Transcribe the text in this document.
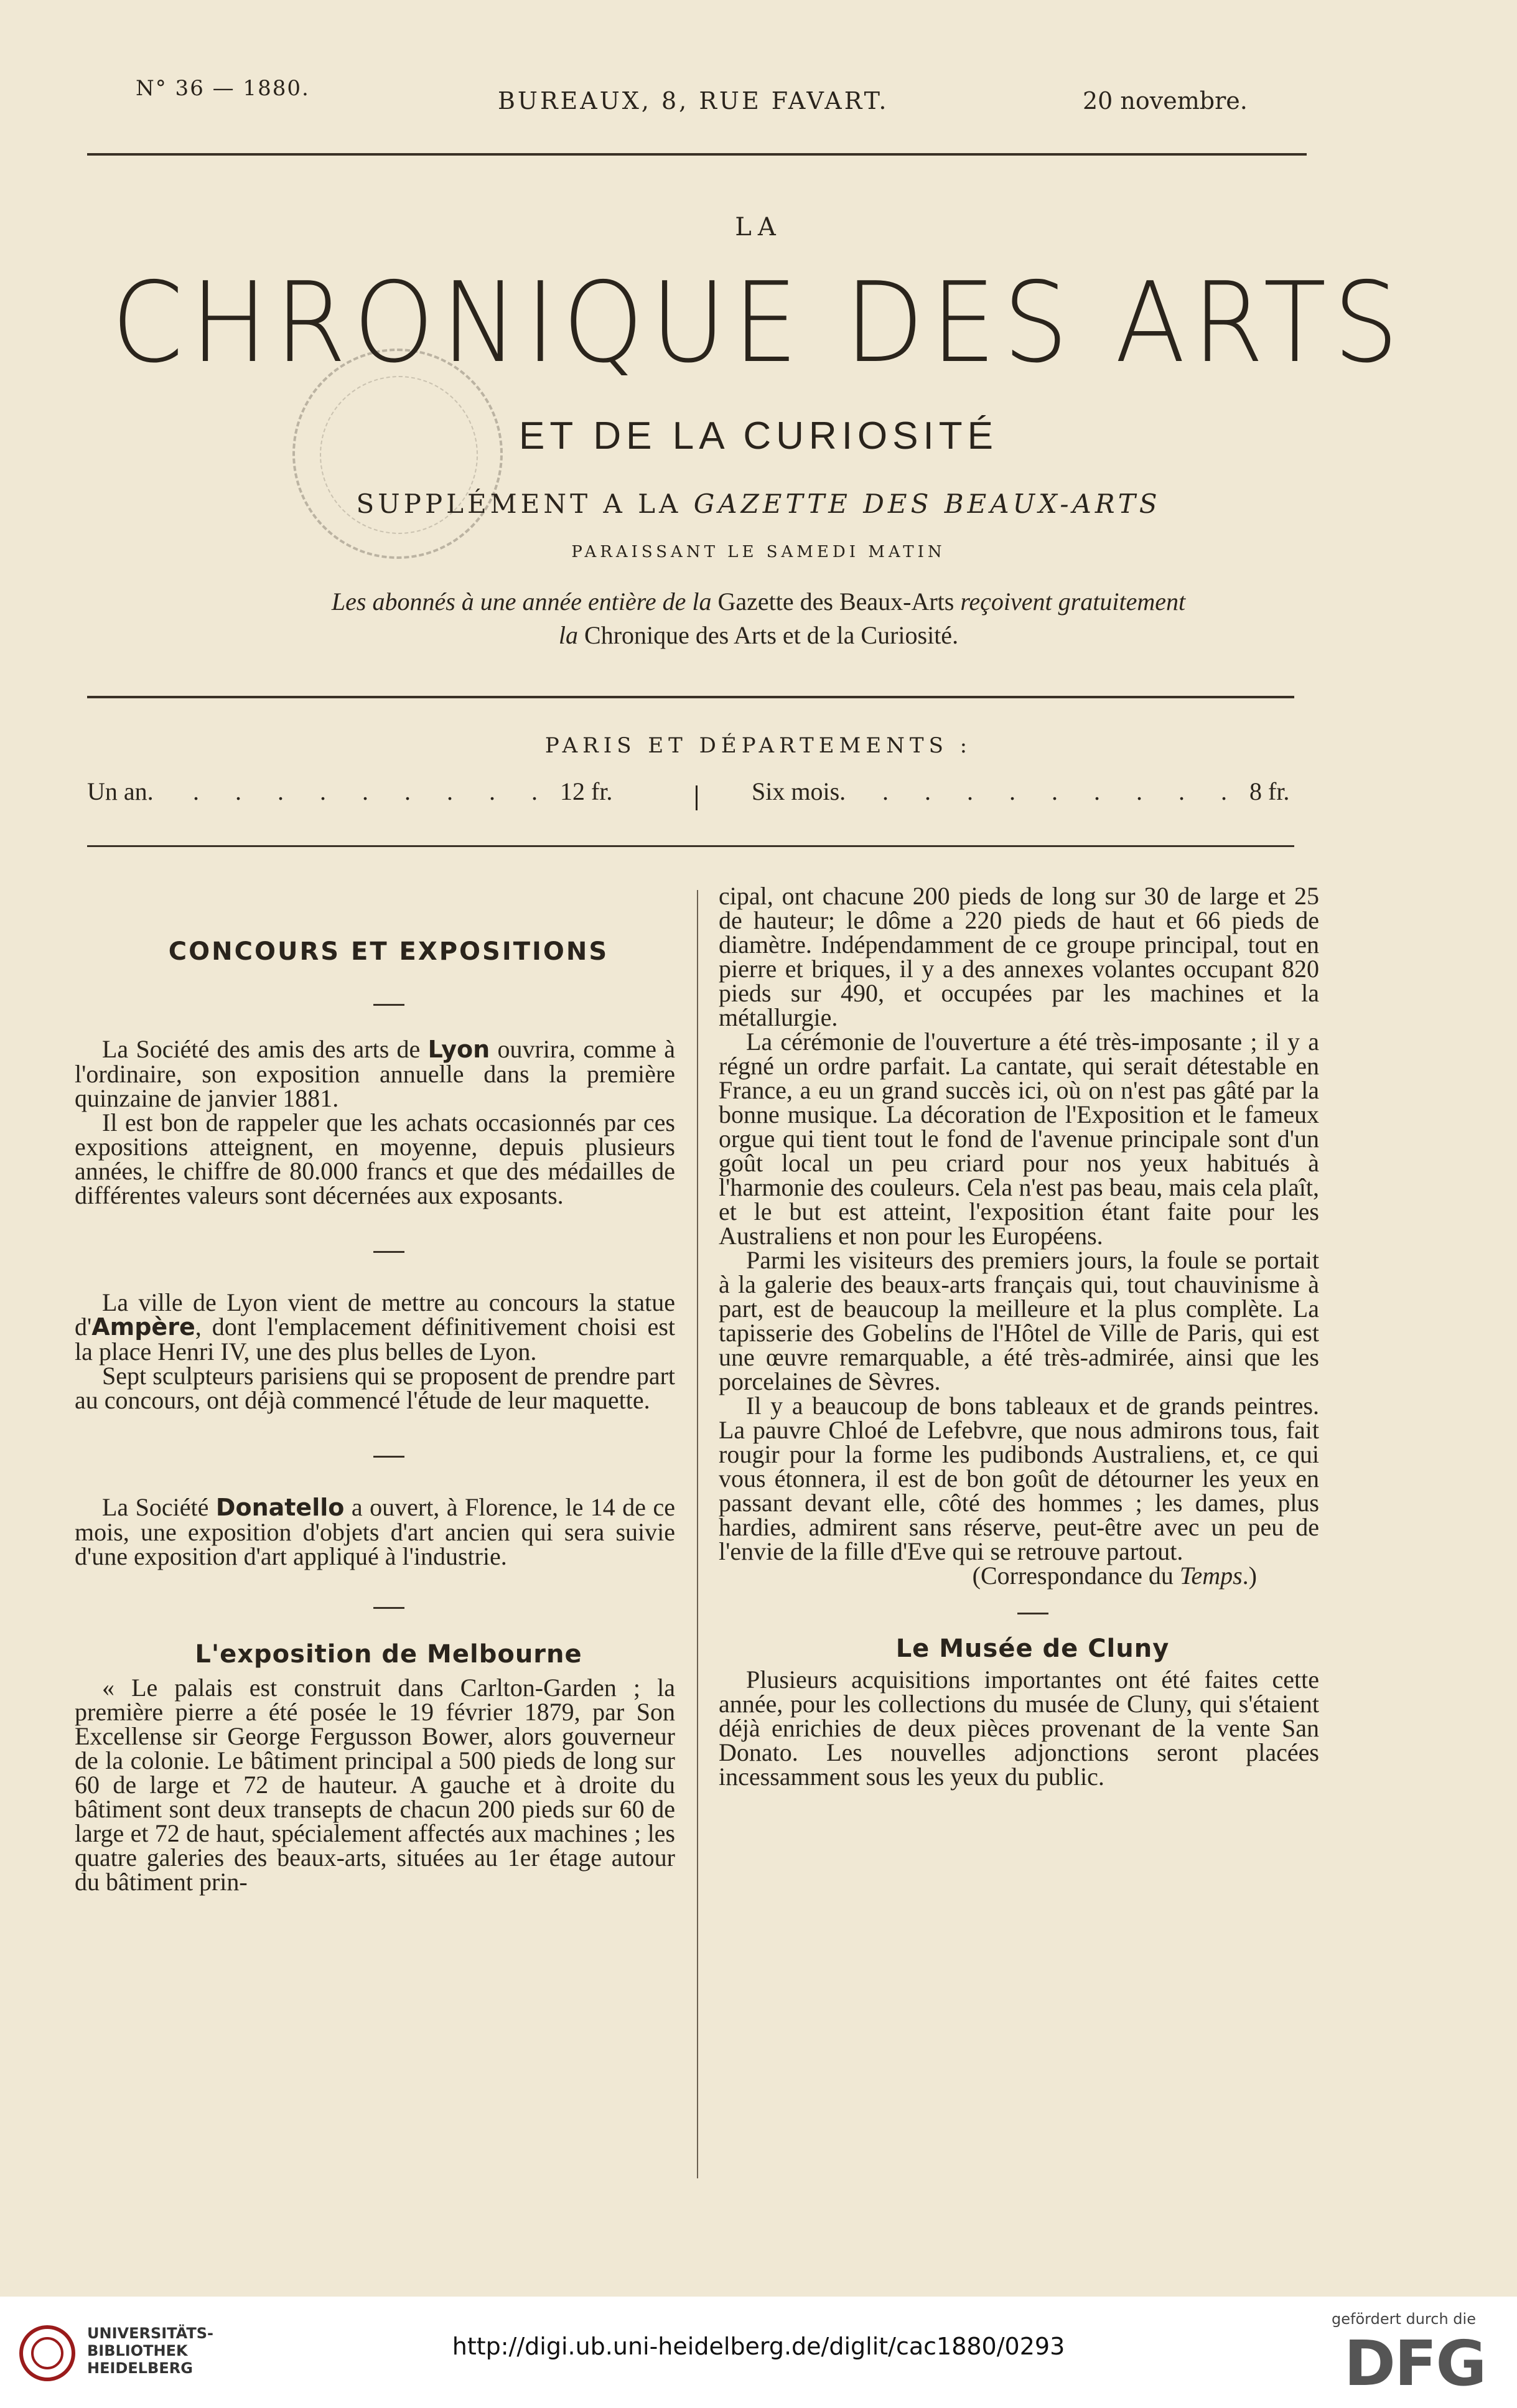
N° 36 — 1880.	BUREAUX, 8, RUE FAVART.	20 novembre.
LA
CHRONIQUE DES ARTS
ET DE LA CURIOSITÉ
SUPPLÉMENT A LA GAZETTE DES BEAUX-ARTS
PARAISSANT LE SAMEDI MATIN
Les abonnés à une année entière de la Gazette des Beaux-Arts reçoivent gratuitement
la Chronique des Arts et de la Curiosité.
PARIS ET DÉPARTEMENTS :
Un an. . . . . . . . . . 12 fr.	Six mois. . . . . . . . . . 8 fr.

CONCOURS ET EXPOSITIONS

La Société des amis des arts de Lyon ouvrira, comme à l'ordinaire, son exposition annuelle dans la première quinzaine de janvier 1881.

Il est bon de rappeler que les achats occasionnés par ces expositions atteignent, en moyenne, depuis plusieurs années, le chiffre de 80.000 francs et que des médailles de différentes valeurs sont décernées aux exposants.

La ville de Lyon vient de mettre au concours la statue d'Ampère, dont l'emplacement définitivement choisi est la place Henri IV, une des plus belles de Lyon.

Sept sculpteurs parisiens qui se proposent de prendre part au concours, ont déjà commencé l'étude de leur maquette.

La Société Donatello a ouvert, à Florence, le 14 de ce mois, une exposition d'objets d'art ancien qui sera suivie d'une exposition d'art appliqué à l'industrie.

L'exposition de Melbourne

« Le palais est construit dans Carlton-Garden ; la première pierre a été posée le 19 février 1879, par Son Excellense sir George Fergusson Bower, alors gouverneur de la colonie. Le bâtiment principal a 500 pieds de long sur 60 de large et 72 de hauteur. A gauche et à droite du bâtiment sont deux transepts de chacun 200 pieds sur 60 de large et 72 de haut, spécialement affectés aux machines ; les quatre galeries des beaux-arts, situées au 1er étage autour du bâtiment prin-

cipal, ont chacune 200 pieds de long sur 30 de large et 25 de hauteur; le dôme a 220 pieds de haut et 66 pieds de diamètre. Indépendamment de ce groupe principal, tout en pierre et briques, il y a des annexes volantes occupant 820 pieds sur 490, et occupées par les machines et la métallurgie.

La cérémonie de l'ouverture a été très-imposante ; il y a régné un ordre parfait. La cantate, qui serait détestable en France, a eu un grand succès ici, où on n'est pas gâté par la bonne musique. La décoration de l'Exposition et le fameux orgue qui tient tout le fond de l'avenue principale sont d'un goût local un peu criard pour nos yeux habitués à l'harmonie des couleurs. Cela n'est pas beau, mais cela plaît, et le but est atteint, l'exposition étant faite pour les Australiens et non pour les Européens.

Parmi les visiteurs des premiers jours, la foule se portait à la galerie des beaux-arts français qui, tout chauvinisme à part, est de beaucoup la meilleure et la plus complète. La tapisserie des Gobelins de l'Hôtel de Ville de Paris, qui est une œuvre remarquable, a été très-admirée, ainsi que les porcelaines de Sèvres.

Il y a beaucoup de bons tableaux et de grands peintres. La pauvre Chloé de Lefebvre, que nous admirons tous, fait rougir pour la forme les pudibonds Australiens, et, ce qui vous étonnera, il est de bon goût de détourner les yeux en passant devant elle, côté des hommes ; les dames, plus hardies, admirent sans réserve, peut-être avec un peu de l'envie de la fille d'Eve qui se retrouve partout.

(Correspondance du Temps.)

Le Musée de Cluny

Plusieurs acquisitions importantes ont été faites cette année, pour les collections du musée de Cluny, qui s'étaient déjà enrichies de deux pièces provenant de la vente San Donato. Les nouvelles adjonctions seront placées incessamment sous les yeux du public.

UNIVERSITÄTS-
BIBLIOTHEK
HEIDELBERG
http://digi.ub.uni-heidelberg.de/diglit/cac1880/0293
gefördert durch die
DFG
